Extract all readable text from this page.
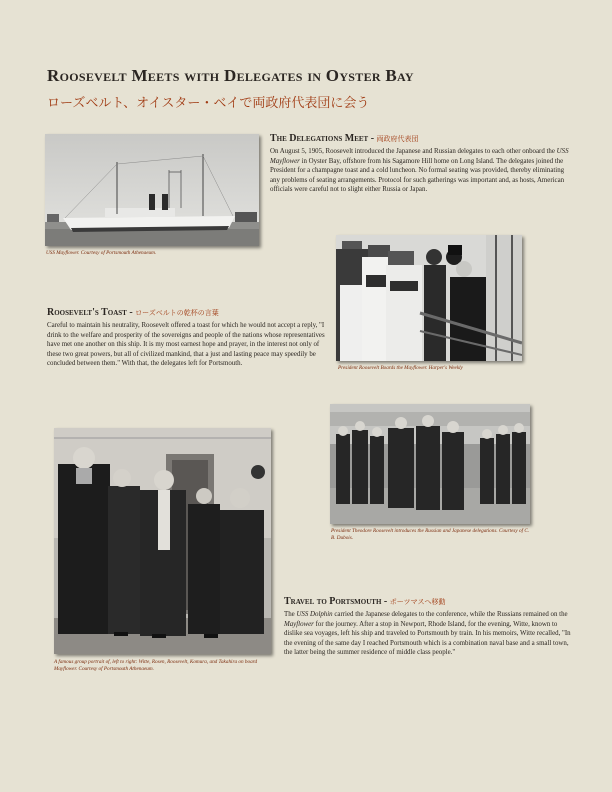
Roosevelt Meets with Delegates in Oyster Bay

ローズベルト、オイスター・ベイで両政府代表団に会う

USS Mayflower. Courtesy of Portsmouth Athenaeum.

The Delegations Meet - 両政府代表団

On August 5, 1905, Roosevelt introduced the Japanese and Russian delegates to each other onboard the USS Mayflower in Oyster Bay, offshore from his Sagamore Hill home on Long Island. The delegates joined the President for a champagne toast and a cold luncheon. No formal seating was provided, thereby eliminating any problems of seating arrangements. Protocol for such gatherings was important and, as hosts, American officials were careful not to slight either Russia or Japan.

President Roosevelt Boards the Mayflower. Harper's Weekly

Roosevelt's Toast - ローズベルトの乾杯の言葉

Careful to maintain his neutrality, Roosevelt offered a toast for which he would not accept a reply, "I drink to the welfare and prosperity of the sovereigns and people of the nations whose representatives have met one another on this ship. It is my most earnest hope and prayer, in the interest not only of these two great powers, but all of civilized mankind, that a just and lasting peace may speedily be concluded between them." With that, the delegates left for Portsmouth.

President Theodore Roosevelt introduces the Russian and Japanese delegations. Courtesy of C. B. Dubois.

A famous group portrait of, left to right: Witte, Rosen, Roosevelt, Komura, and Takahira on board Mayflower. Courtesy of Portsmouth Athenaeum.

Travel to Portsmouth - ポーツマスへ移動

The USS Dolphin carried the Japanese delegates to the conference, while the Russians remained on the Mayflower for the journey. After a stop in Newport, Rhode Island, for the evening, Witte, known to dislike sea voyages, left his ship and traveled to Portsmouth by train. In his memoirs, Witte recalled, "In the evening of the same day I reached Portsmouth which is a combination naval base and a small town, the latter being the summer residence of middle class people."
